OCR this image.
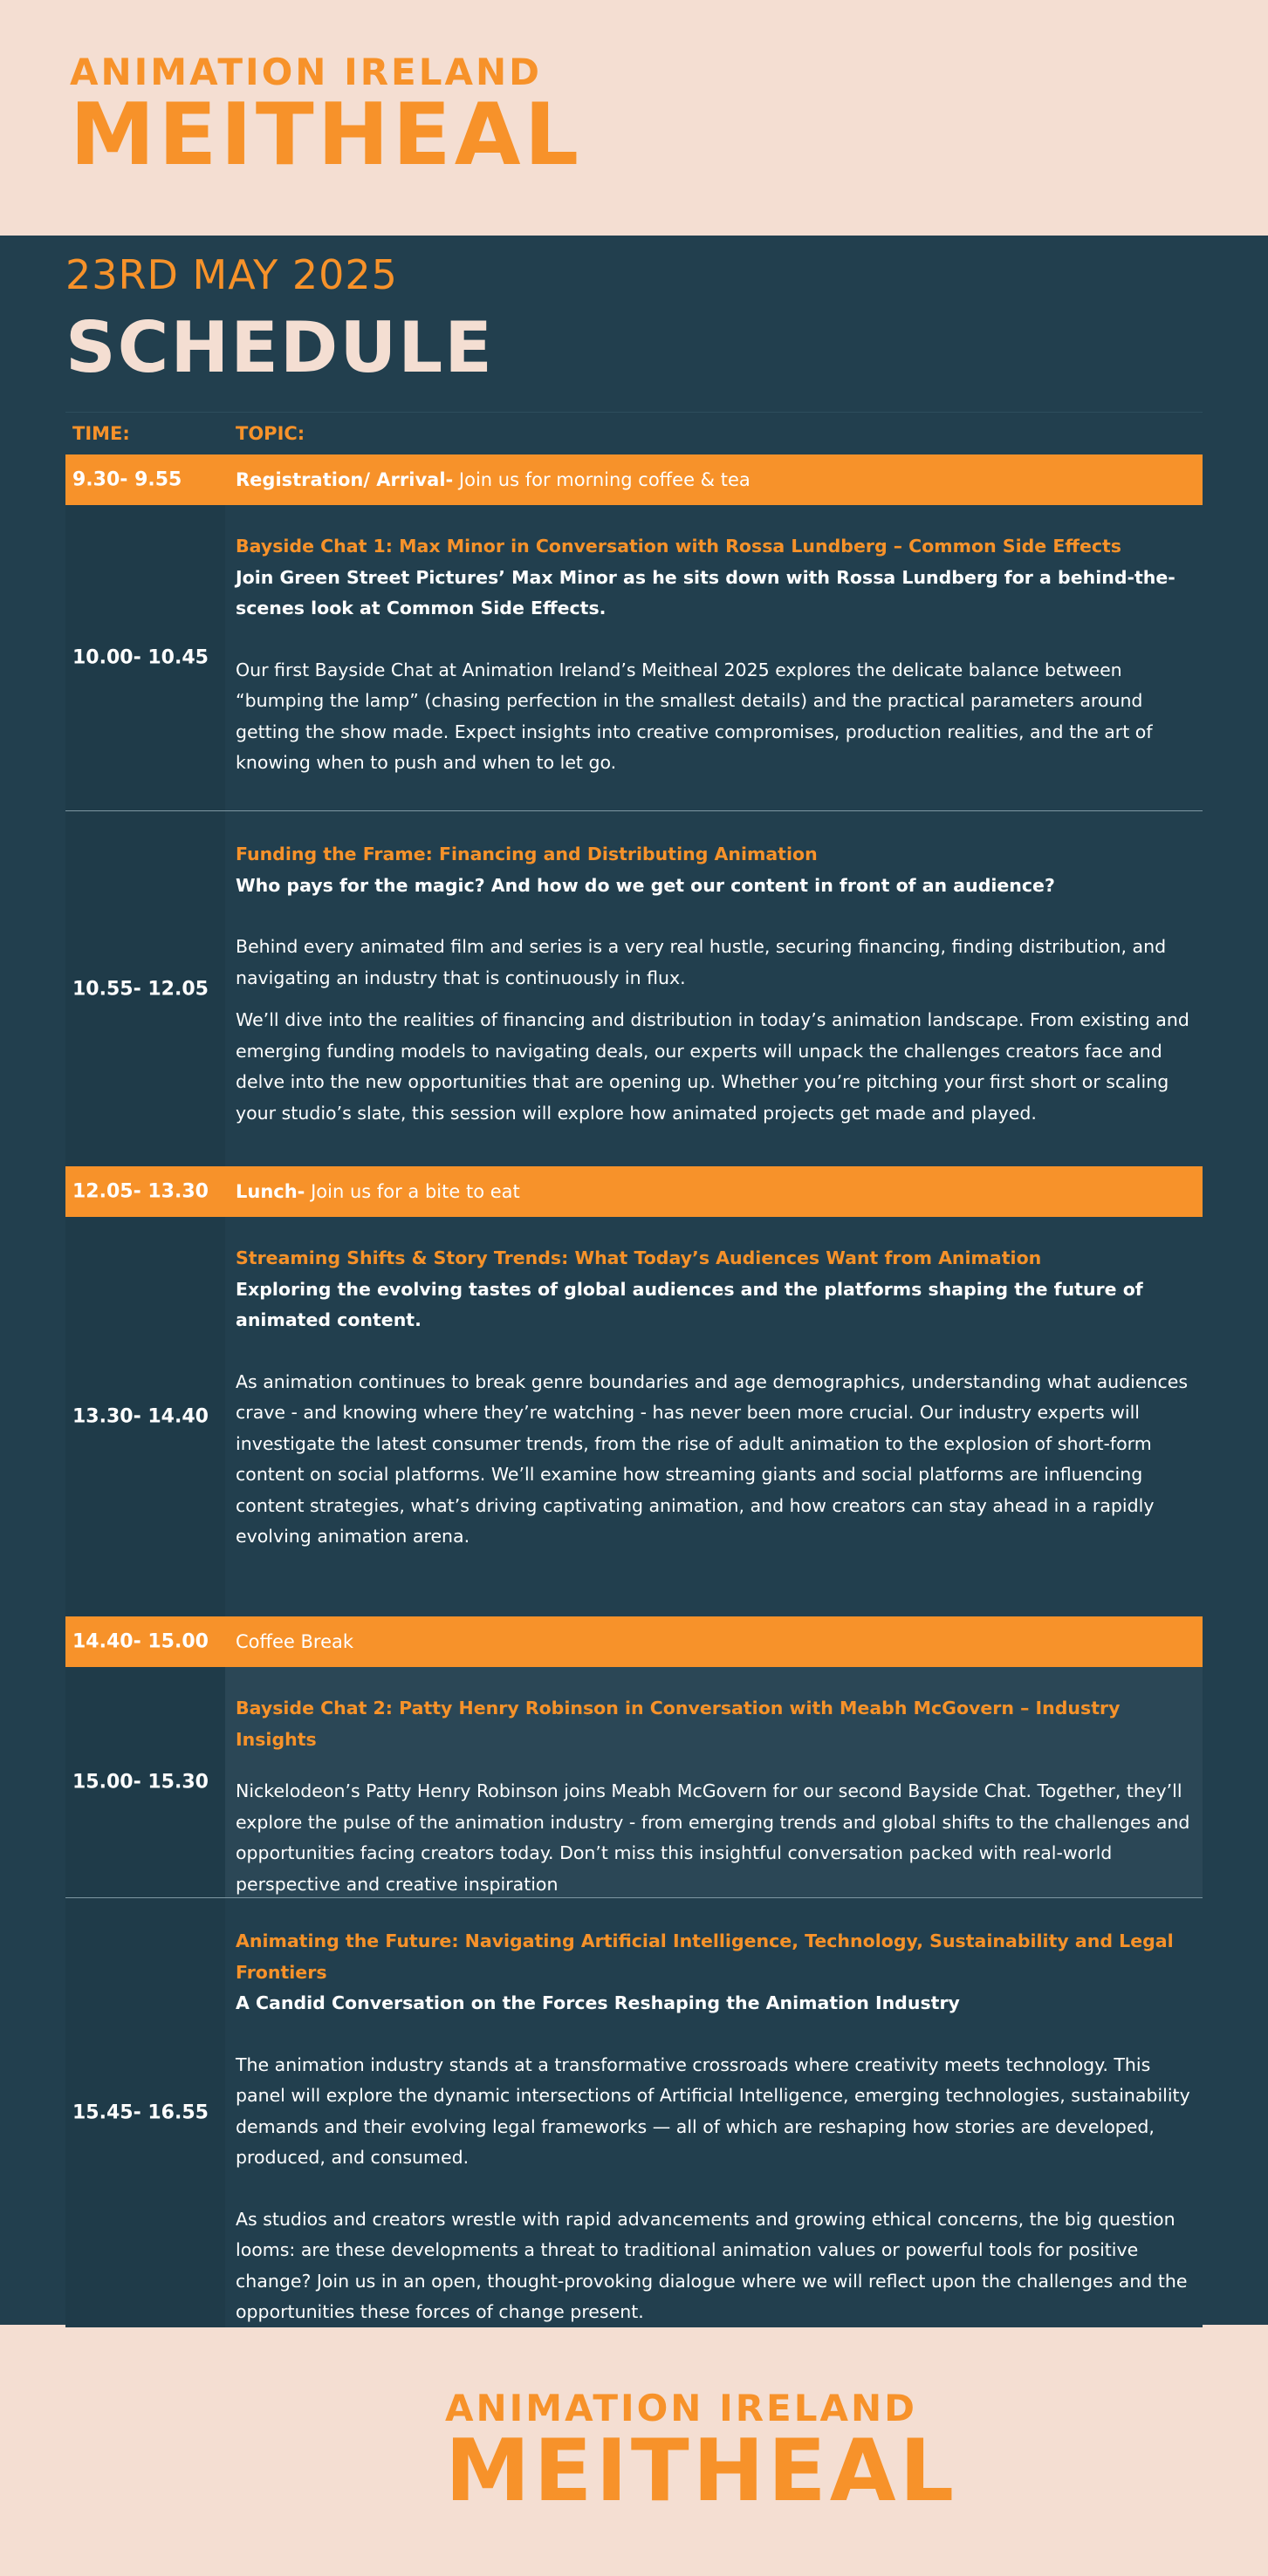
ANIMATION IRELAND
MEITHEAL
23RD MAY 2025
SCHEDULE
TIME:	TOPIC:
9.30- 9.55	Registration/ Arrival- Join us for morning coffee & tea
10.00- 10.45

Bayside Chat 1: Max Minor in Conversation with Rossa Lundberg – Common Side Effects

Join Green Street Pictures’ Max Minor as he sits down with Rossa Lundberg for a behind-the-scenes look at Common Side Effects.

Our first Bayside Chat at Animation Ireland’s Meitheal 2025 explores the delicate balance between “bumping the lamp” (chasing perfection in the smallest details) and the practical parameters around getting the show made. Expect insights into creative compromises, production realities, and the art of knowing when to push and when to let go.

10.55- 12.05

Funding the Frame: Financing and Distributing Animation

Who pays for the magic? And how do we get our content in front of an audience?

Behind every animated film and series is a very real hustle, securing financing, finding distribution, and navigating an industry that is continuously in flux.

We’ll dive into the realities of financing and distribution in today’s animation landscape. From existing and emerging funding models to navigating deals, our experts will unpack the challenges creators face and delve into the new opportunities that are opening up. Whether you’re pitching your first short or scaling your studio’s slate, this session will explore how animated projects get made and played.

12.05- 13.30 Lunch- Join us for a bite to eat
13.30- 14.40

Streaming Shifts & Story Trends: What Today’s Audiences Want from Animation

Exploring the evolving tastes of global audiences and the platforms shaping the future of animated content.

As animation continues to break genre boundaries and age demographics, understanding what audiences crave - and knowing where they’re watching - has never been more crucial. Our industry experts will investigate the latest consumer trends, from the rise of adult animation to the explosion of short-form content on social platforms. We’ll examine how streaming giants and social platforms are influencing content strategies, what’s driving captivating animation, and how creators can stay ahead in a rapidly evolving animation arena.

14.40- 15.00 Coffee Break
15.00- 15.30

Bayside Chat 2: Patty Henry Robinson in Conversation with Meabh McGovern – Industry Insights

Nickelodeon’s Patty Henry Robinson joins Meabh McGovern for our second Bayside Chat. Together, they’ll explore the pulse of the animation industry - from emerging trends and global shifts to the challenges and opportunities facing creators today. Don’t miss this insightful conversation packed with real-world perspective and creative inspiration

15.45- 16.55

Animating the Future: Navigating Artificial Intelligence, Technology, Sustainability and Legal Frontiers

A Candid Conversation on the Forces Reshaping the Animation Industry

The animation industry stands at a transformative crossroads where creativity meets technology. This panel will explore the dynamic intersections of Artificial Intelligence, emerging technologies, sustainability demands and their evolving legal frameworks — all of which are reshaping how stories are developed, produced, and consumed.

As studios and creators wrestle with rapid advancements and growing ethical concerns, the big question looms: are these developments a threat to traditional animation values or powerful tools for positive change? Join us in an open, thought-provoking dialogue where we will reflect upon the challenges and the opportunities these forces of change present.

ANIMATION IRELAND
MEITHEAL
